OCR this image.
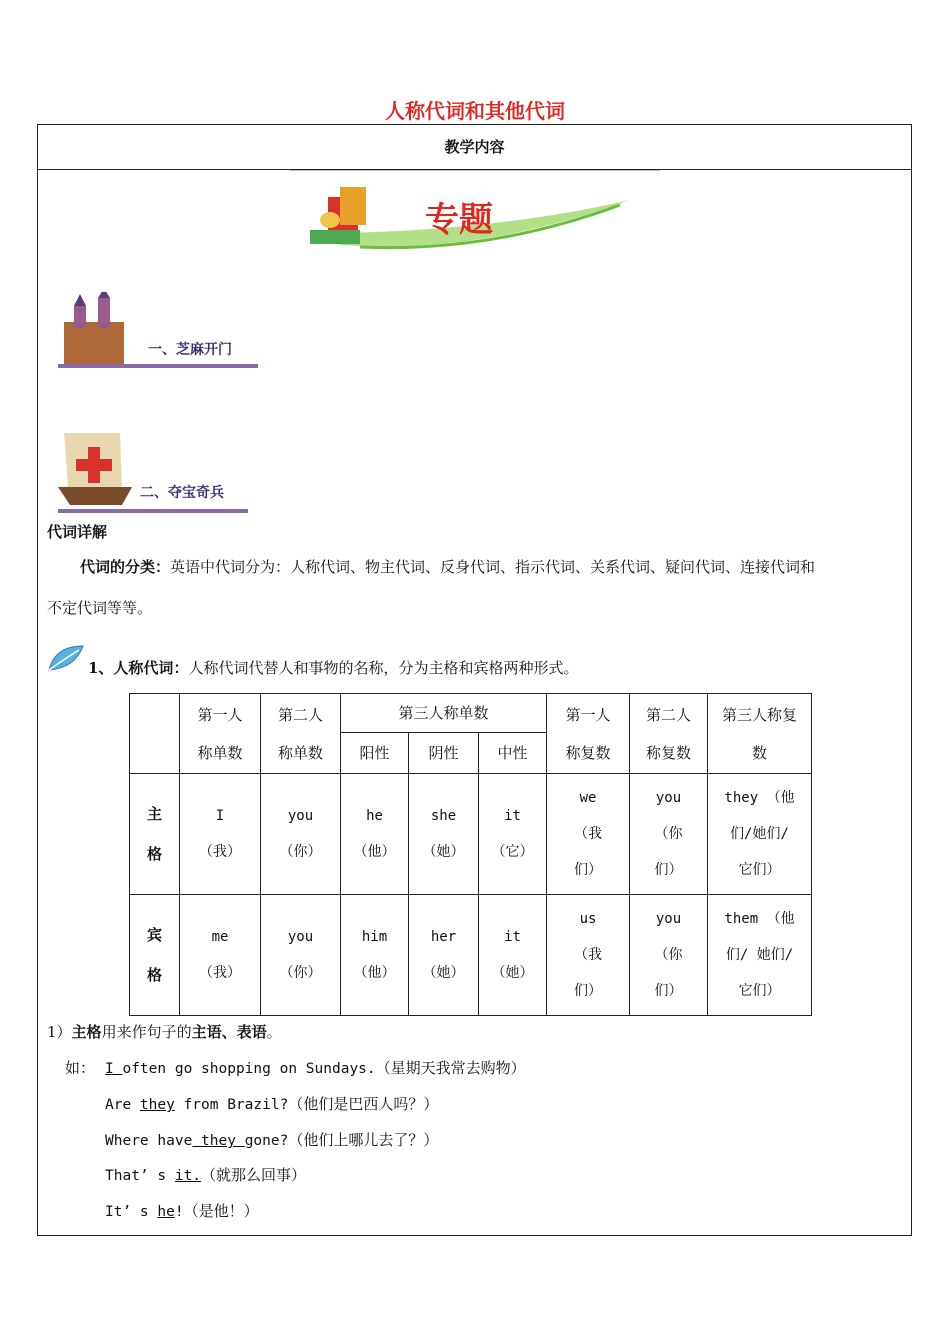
人称代词和其他代词
教学内容
专题
一、芝麻开门
二、夺宝奇兵
代词详解
代词的分类：英语中代词分为：人称代词、物主代词、反身代词、指示代词、关系代词、疑问代词、连接代词和
不定代词等等。
1、人称代词：人称代词代替人和事物的名称，分为主格和宾格两种形式。

	第一人
称单数	第二人
称单数	第三人称单数			第一人
称复数	第二人
称复数	第三人称复
数

			阳性	阴性	中性			

主
格	I
（我）	you
（你）	he
（他）	she
（她）	it
（它）	we
（我
们）	you
（你
们）	they （他
们/她们/
它们）

宾
格	me
（我）	you
（你）	him
（他）	her
（她）	it
（她）	us
（我
们）	you
（你
们）	them （他
们/ 她们/
它们）
1）主格用来作句子的主语、表语。
如： I often go shopping on Sundays.（星期天我常去购物）
Are they from Brazil?（他们是巴西人吗？）
Where have they gone?（他们上哪儿去了？）
That’ s it.（就那么回事）
It’ s he!（是他！）
